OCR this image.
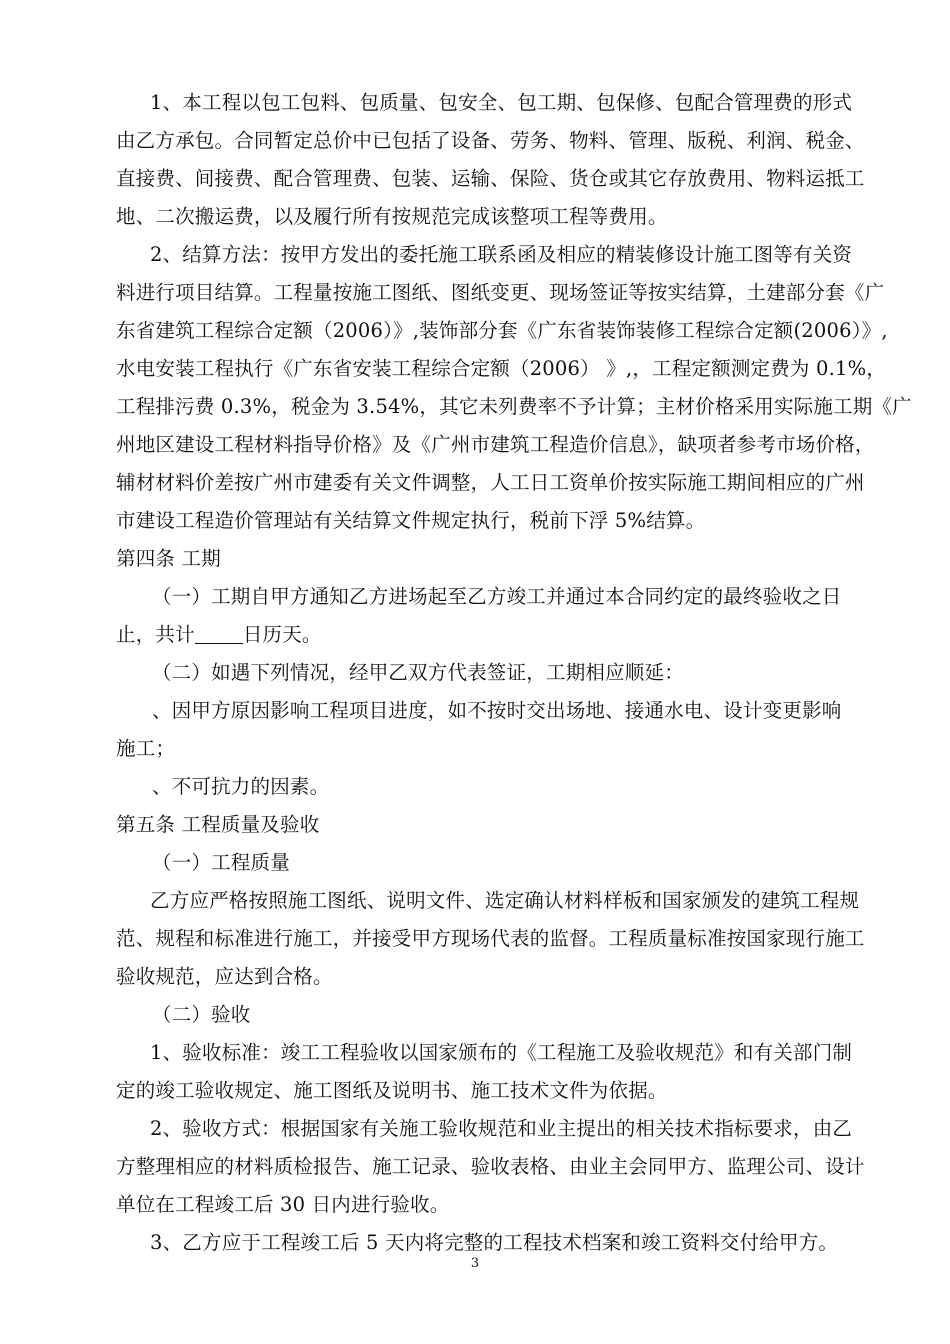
1、本工程以包工包料、包质量、包安全、包工期、包保修、包配合管理费的形式
由乙方承包。合同暂定总价中已包括了设备、劳务、物料、管理、版税、利润、税金、
直接费、间接费、配合管理费、包装、运输、保险、货仓或其它存放费用、物料运抵工
地、二次搬运费，以及履行所有按规范完成该整项工程等费用。
2、结算方法：按甲方发出的委托施工联系函及相应的精装修设计施工图等有关资
料进行项目结算。工程量按施工图纸、图纸变更、现场签证等按实结算，土建部分套《广
东省建筑工程综合定额（2006）》,装饰部分套《广东省装饰装修工程综合定额(2006）》,
水电安装工程执行《广东省安装工程综合定额（2006） 》,，工程定额测定费为 0.1%，
工程排污费 0.3%，税金为 3.54%，其它未列费率不予计算；主材价格采用实际施工期《广
州地区建设工程材料指导价格》及《广州市建筑工程造价信息》，缺项者参考市场价格，
辅材材料价差按广州市建委有关文件调整，人工日工资单价按实际施工期间相应的广州
市建设工程造价管理站有关结算文件规定执行，税前下浮 5%结算。
第四条 工期
（一）工期自甲方通知乙方进场起至乙方竣工并通过本合同约定的最终验收之日
止，共计 日历天。
（二）如遇下列情况，经甲乙双方代表签证，工期相应顺延：
、因甲方原因影响工程项目进度，如不按时交出场地、接通水电、设计变更影响
施工；
、不可抗力的因素。
第五条 工程质量及验收
（一）工程质量
乙方应严格按照施工图纸、说明文件、选定确认材料样板和国家颁发的建筑工程规
范、规程和标准进行施工，并接受甲方现场代表的监督。工程质量标准按国家现行施工
验收规范，应达到合格。
（二）验收
1、验收标准：竣工工程验收以国家颁布的《工程施工及验收规范》和有关部门制
定的竣工验收规定、施工图纸及说明书、施工技术文件为依据。
2、验收方式：根据国家有关施工验收规范和业主提出的相关技术指标要求，由乙
方整理相应的材料质检报告、施工记录、验收表格、由业主会同甲方、监理公司、设计
单位在工程竣工后 30 日内进行验收。
3、乙方应于工程竣工后 5 天内将完整的工程技术档案和竣工资料交付给甲方。
3
